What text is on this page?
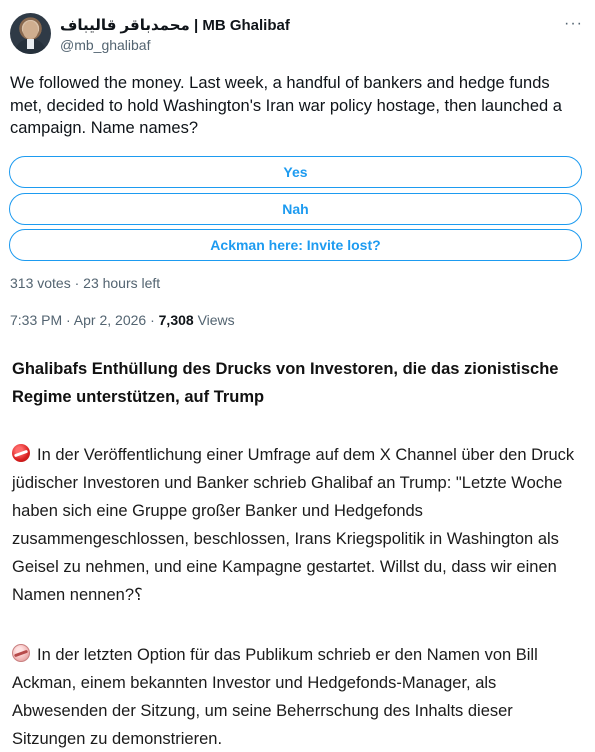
محمدباقر قالیباف | MB Ghalibaf
@mb_ghalibaf
···
We followed the money. Last week, a handful of bankers and hedge funds met, decided to hold Washington's Iran war policy hostage, then launched a campaign. Name names?
Yes
Nah
Ackman here: Invite lost?
313 votes · 23 hours left
7:33 PM · Apr 2, 2026 · 7,308 Views
Ghalibafs Enthüllung des Drucks von Investoren, die das zionistische Regime unterstützen, auf Trump
In der Veröffentlichung einer Umfrage auf dem X Channel über den Druck jüdischer Investoren und Banker schrieb Ghalibaf an Trump: "Letzte Woche haben sich eine Gruppe großer Banker und Hedgefonds zusammengeschlossen, beschlossen, Irans Kriegspolitik in Washington als Geisel zu nehmen, und eine Kampagne gestartet. Willst du, dass wir einen Namen nennen?؟
In der letzten Option für das Publikum schrieb er den Namen von Bill Ackman, einem bekannten Investor und Hedgefonds-Manager, als Abwesenden der Sitzung, um seine Beherrschung des Inhalts dieser Sitzungen zu demonstrieren.
